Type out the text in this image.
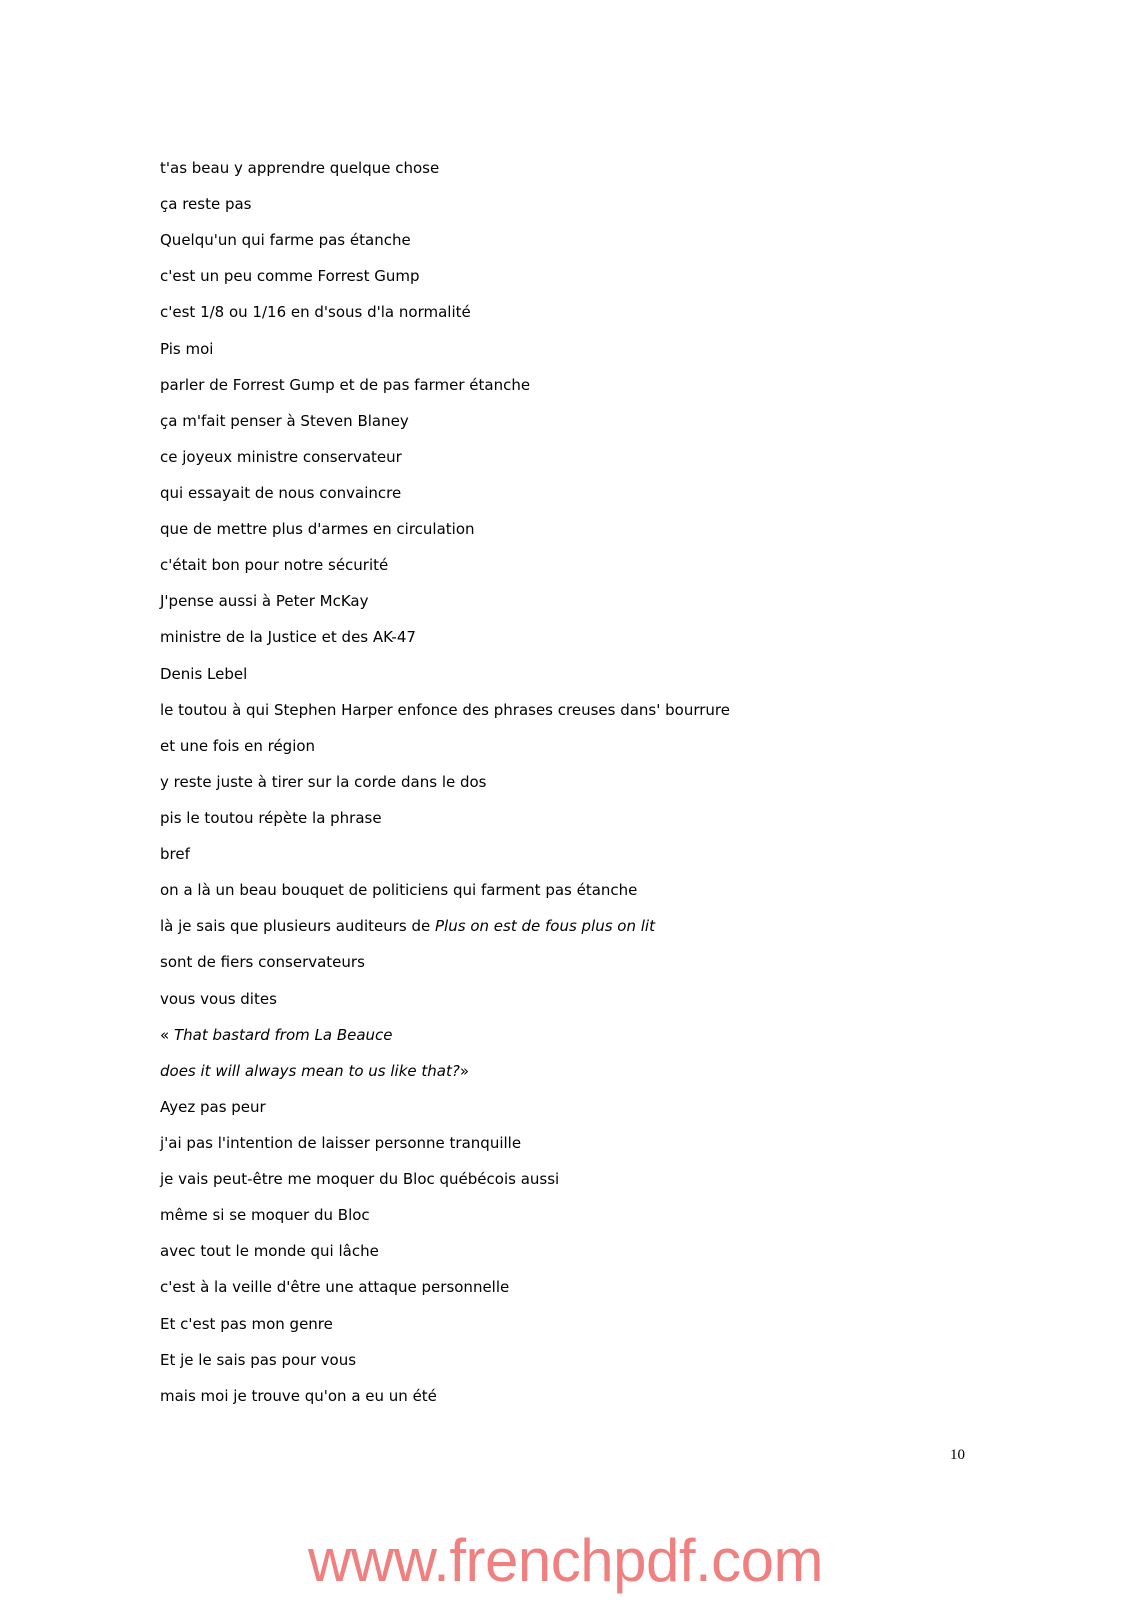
t'as beau y apprendre quelque chose
ça reste pas
Quelqu'un qui farme pas étanche
c'est un peu comme Forrest Gump
c'est 1/8 ou 1/16 en d'sous d'la normalité
Pis moi
parler de Forrest Gump et de pas farmer étanche
ça m'fait penser à Steven Blaney
ce joyeux ministre conservateur
qui essayait de nous convaincre
que de mettre plus d'armes en circulation
c'était bon pour notre sécurité
J'pense aussi à Peter McKay
ministre de la Justice et des AK-47
Denis Lebel
le toutou à qui Stephen Harper enfonce des phrases creuses dans' bourrure
et une fois en région
y reste juste à tirer sur la corde dans le dos
pis le toutou répète la phrase
bref
on a là un beau bouquet de politiciens qui farment pas étanche
là je sais que plusieurs auditeurs de Plus on est de fous plus on lit
sont de fiers conservateurs
vous vous dites
« That bastard from La Beauce
does it will always mean to us like that?»
Ayez pas peur
j'ai pas l'intention de laisser personne tranquille
je vais peut-être me moquer du Bloc québécois aussi
même si se moquer du Bloc
avec tout le monde qui lâche
c'est à la veille d'être une attaque personnelle
Et c'est pas mon genre
Et je le sais pas pour vous
mais moi je trouve qu'on a eu un été
10
www.frenchpdf.com
